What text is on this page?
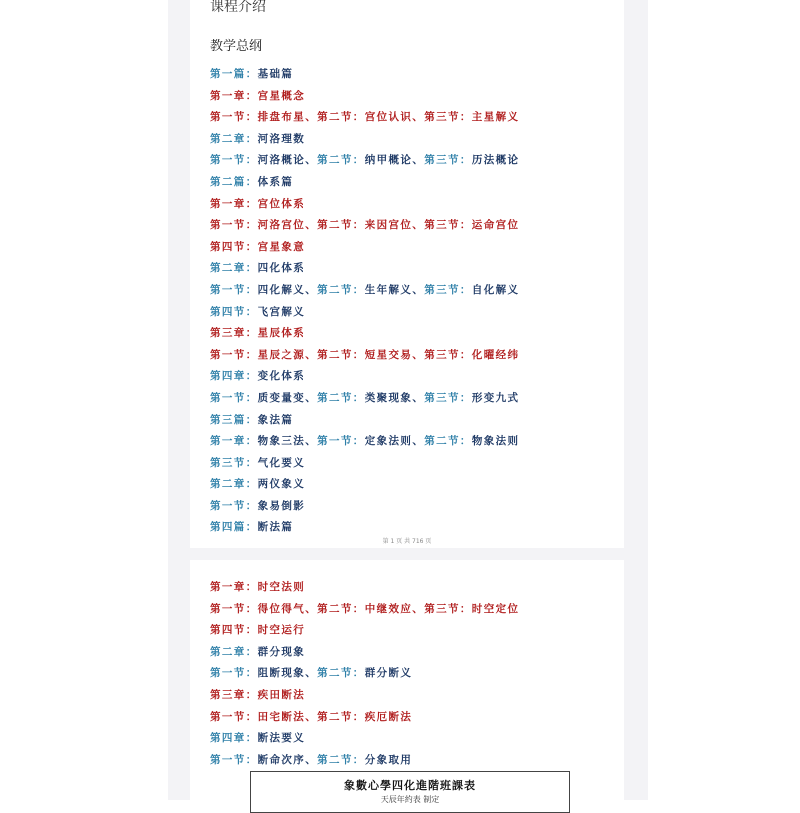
课程介绍
教学总纲
第一篇：基础篇
第一章：宫星概念
第一节：排盘布星、第二节：宫位认识、第三节：主星解义
第二章：河洛理数
第一节：河洛概论、第二节：纳甲概论、第三节：历法概论
第二篇：体系篇
第一章：宫位体系
第一节：河洛宫位、第二节：来因宫位、第三节：运命宫位
第四节：宫星象意
第二章：四化体系
第一节：四化解义、第二节：生年解义、第三节：自化解义
第四节：飞宫解义
第三章：星辰体系
第一节：星辰之源、第二节：短星交易、第三节：化曜经纬
第四章：变化体系
第一节：质变量变、第二节：类聚现象、第三节：形变九式
第三篇：象法篇
第一章：物象三法、第一节：定象法则、第二节：物象法则
第三节：气化要义
第二章：两仪象义
第一节：象易倒影
第四篇：断法篇
第 1 页 共 716 页
第一章：时空法则
第一节：得位得气、第二节：中继效应、第三节：时空定位
第四节：时空运行
第二章：群分现象
第一节：阻断现象、第二节：群分断义
第三章：疾田断法
第一节：田宅断法、第二节：疾厄断法
第四章：断法要义
第一节：断命次序、第二节：分象取用
象數心學四化進階班課表
天辰年約表 制定
